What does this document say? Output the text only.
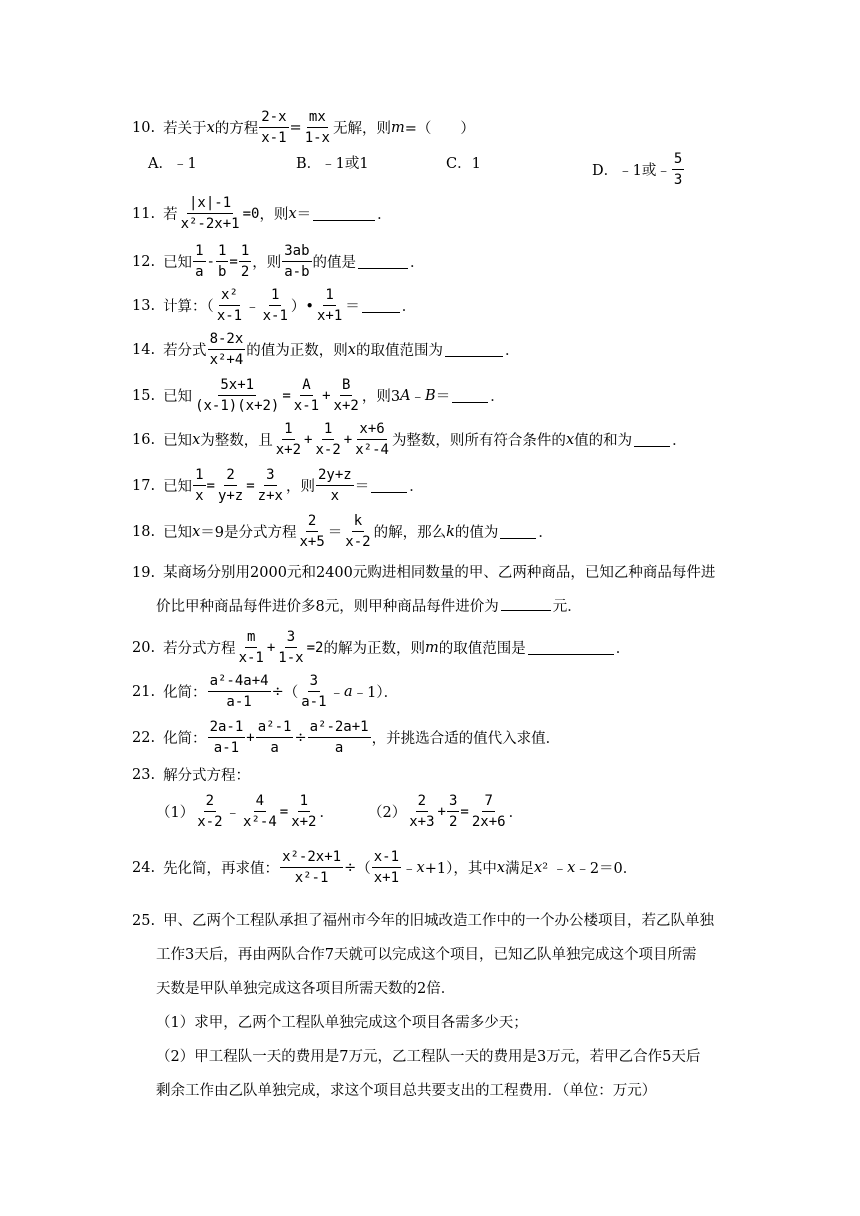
10. 若关于 x 的方程 $\frac{2-x}{x-1} = \frac{mx}{1-x}$ 无解，则 m =（　　）
A．﹣1	B．﹣1或1	C．1	D．﹣1或﹣ $\frac{5}{3}$
11. 若 $\frac{|x|-1}{\text{x²-2x+1}} =0$ ，则 x ＝	．
12. 已知 $\frac{1}{a} - \frac{1}{b} = \frac{1}{2}$ ，则 $\frac{3ab}{a-b}$ 的值是	．
13. 计算：（ $\frac{\text{x²}}{x-1}$ ﹣ $\frac{1}{x-1}$ ）• $\frac{1}{x+1}$ ＝	．
14. 若分式 $\frac{8-2x}{\text{x²+4}}$ 的值为正数，则 x 的取值范围为	．
15. 已知 $\frac{5x+1}{(x-1)(x+2)} = \frac{A}{x-1} + \frac{B}{x+2}$ ，则3 A ﹣ B ＝	．
16. 已知 x 为整数，且 $\frac{1}{x+2} + \frac{1}{x-2} + \frac{x+6}{\text{x²-4}}$ 为整数，则所有符合条件的 x 值的和为	．
17. 已知 $\frac{1}{x} = \frac{2}{y+z} = \frac{3}{z+x}$ ，则 $\frac{2y+z}{x}$ ＝	．
18. 已知 x ＝9是分式方程 $\frac{2}{x+5} = \frac{k}{x-2}$ 的解，那么 k 的值为	．
19. 某商场分别用2000元和2400元购进相同数量的甲、乙两种商品，已知乙种商品每件进
价比甲种商品每件进价多8元，则甲种商品每件进价为	元．
20. 若分式方程 $\frac{m}{x-1} + \frac{3}{1-x} =2$ 的解为正数，则 m 的取值范围是	．
21. 化简： $\frac{\text{a²-4a+4}}{a-1}$ ÷ （ $\frac{3}{a-1}$ ﹣ a ﹣1）．
22. 化简： $\frac{2a-1}{a-1} + \frac{\text{a²-1}}{a} \div \frac{\text{a²-2a+1}}{a}$ ，并挑选合适的值代入求值．
23. 解分式方程：
$(1) \frac{2}{x-2}$ ﹣ $\frac{4}{\text{x²-4}} = \frac{1}{x+2}$ ． $(2) \frac{2}{x+3} + \frac{3}{2} = \frac{7}{2x+6}$ ．
24. 先化简，再求值： $\frac{\text{x²-2x+1}}{\text{x²-1}}$ ÷ （ $\frac{x-1}{x+1}$ ﹣ x +1），其中 x 满足 x ² ﹣ x ﹣2＝0．
25. 甲、乙两个工程队承担了福州市今年的旧城改造工作中的一个办公楼项目，若乙队单独
工作3天后，再由两队合作7天就可以完成这个项目，已知乙队单独完成这个项目所需
天数是甲队单独完成这各项目所需天数的2倍．
（1）求甲，乙两个工程队单独完成这个项目各需多少天；
（2）甲工程队一天的费用是7万元，乙工程队一天的费用是3万元，若甲乙合作5天后
剩余工作由乙队单独完成，求这个项目总共要支出的工程费用．（单位：万元）
